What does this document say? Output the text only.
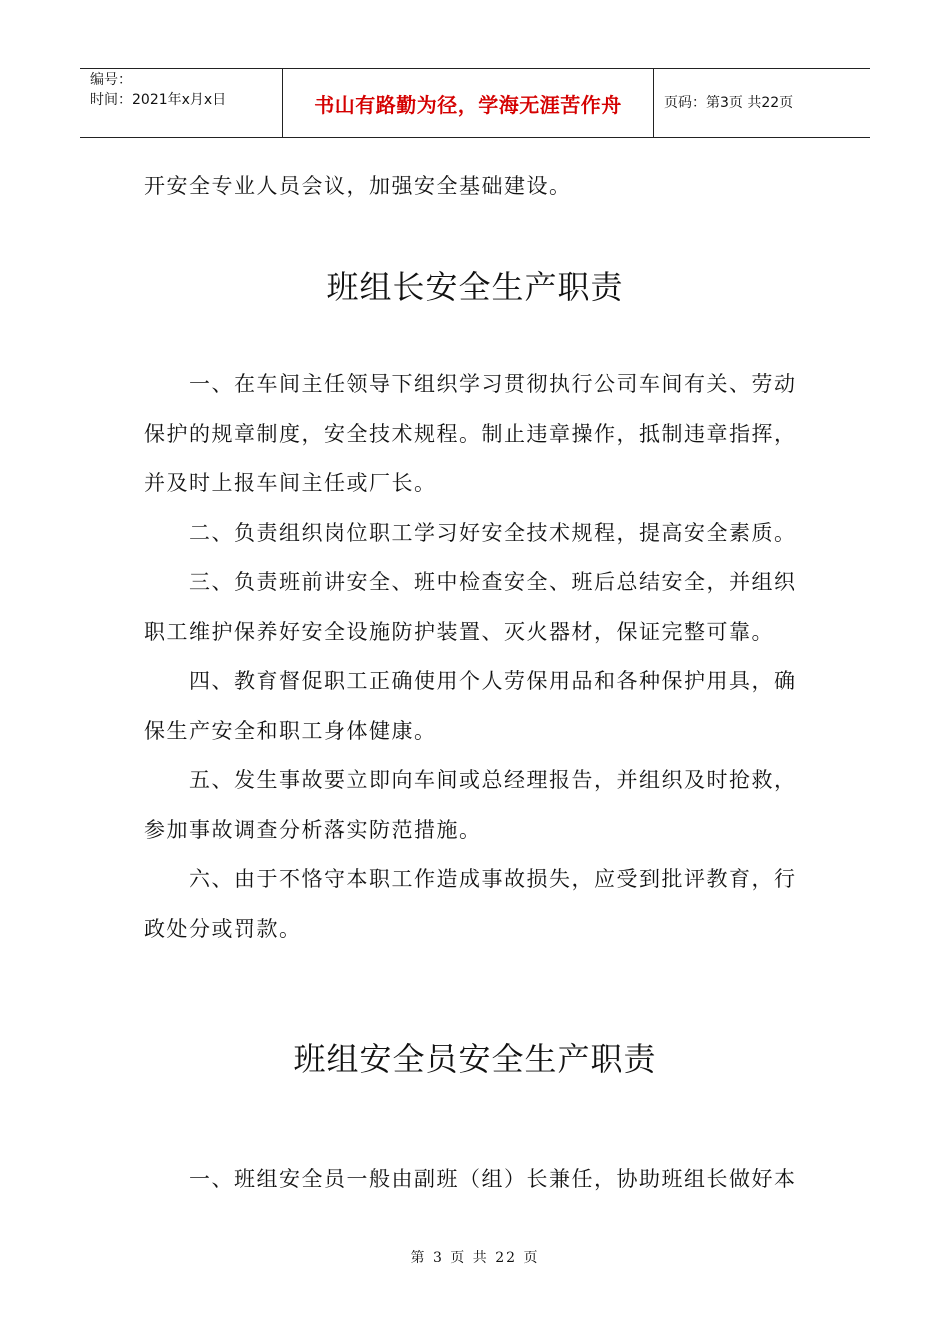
编号：
时间：2021年x月x日	书山有路勤为径，学海无涯苦作舟	页码：第3页 共22页
开安全专业人员会议，加强安全基础建设。
班组长安全生产职责
　　一、在车间主任领导下组织学习贯彻执行公司车间有关、劳动
保护的规章制度，安全技术规程。制止违章操作，抵制违章指挥，
并及时上报车间主任或厂长。
　　二、负责组织岗位职工学习好安全技术规程，提高安全素质。
　　三、负责班前讲安全、班中检查安全、班后总结安全，并组织
职工维护保养好安全设施防护装置、灭火器材，保证完整可靠。
　　四、教育督促职工正确使用个人劳保用品和各种保护用具，确
保生产安全和职工身体健康。
　　五、发生事故要立即向车间或总经理报告，并组织及时抢救，
参加事故调查分析落实防范措施。
　　六、由于不恪守本职工作造成事故损失，应受到批评教育，行
政处分或罚款。
班组安全员安全生产职责
　　一、班组安全员一般由副班（组）长兼任，协助班组长做好本
第 3 页 共 22 页
